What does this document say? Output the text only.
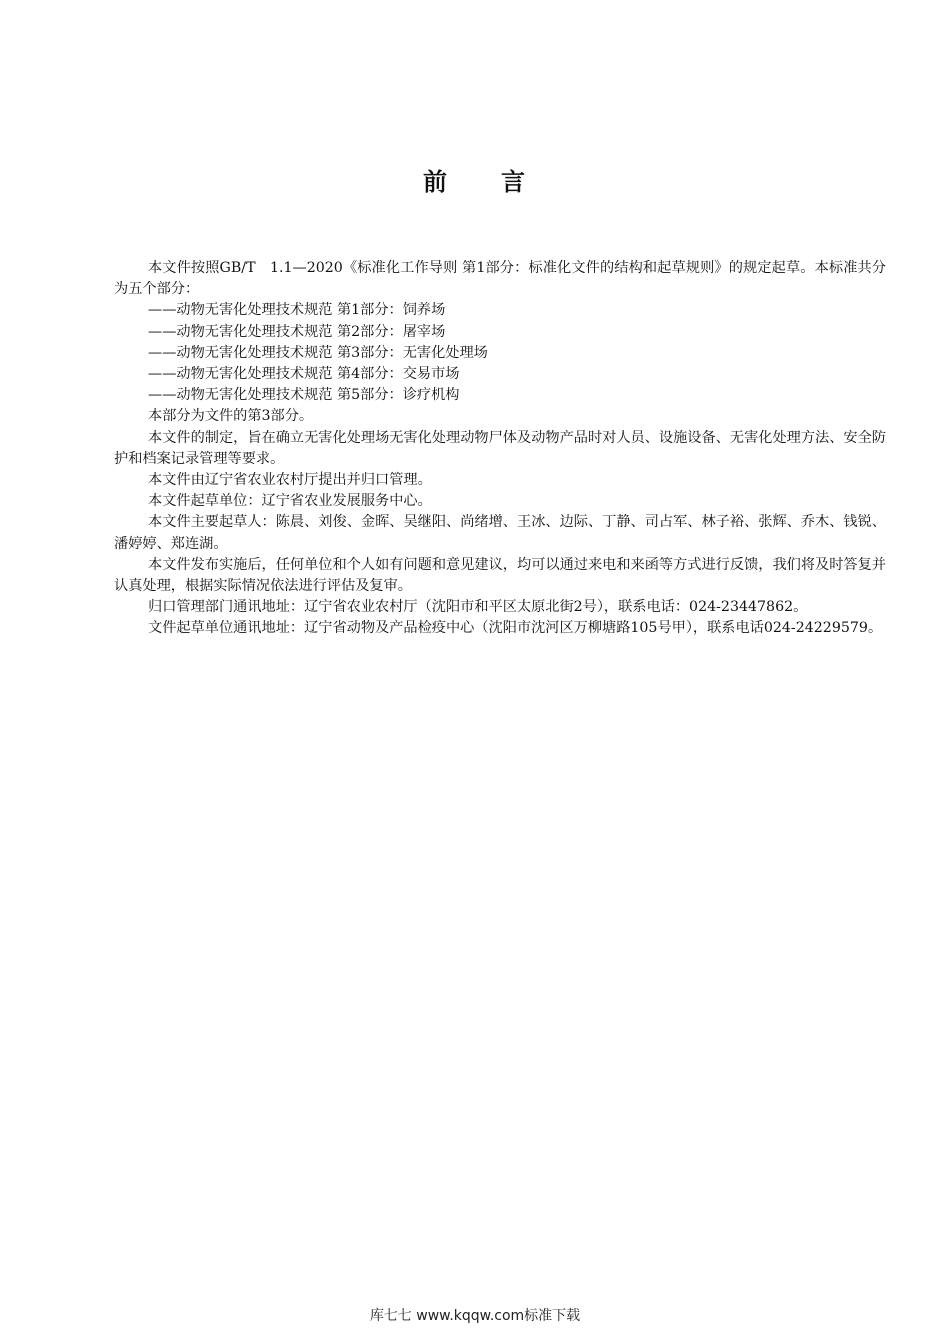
前 言

本文件按照GB/T　1.1—2020《标准化工作导则 第1部分：标准化文件的结构和起草规则》的规定起草。本标准共分为五个部分：

——动物无害化处理技术规范 第1部分：饲养场

——动物无害化处理技术规范 第2部分：屠宰场

——动物无害化处理技术规范 第3部分：无害化处理场

——动物无害化处理技术规范 第4部分：交易市场

——动物无害化处理技术规范 第5部分：诊疗机构

本部分为文件的第3部分。

本文件的制定，旨在确立无害化处理场无害化处理动物尸体及动物产品时对人员、设施设备、无害化处理方法、安全防护和档案记录管理等要求。

本文件由辽宁省农业农村厅提出并归口管理。

本文件起草单位：辽宁省农业发展服务中心。

本文件主要起草人：陈晨、刘俊、金晖、吴继阳、尚绪增、王冰、边际、丁静、司占军、林子裕、张辉、乔木、钱锐、潘婷婷、郑连湖。

本文件发布实施后，任何单位和个人如有问题和意见建议，均可以通过来电和来函等方式进行反馈，我们将及时答复并认真处理，根据实际情况依法进行评估及复审。

归口管理部门通讯地址：辽宁省农业农村厅（沈阳市和平区太原北街2号），联系电话：024-23447862。

文件起草单位通讯地址：辽宁省动物及产品检疫中心（沈阳市沈河区万柳塘路105号甲），联系电话024-24229579。

库七七 www.kqqw.com标准下载
